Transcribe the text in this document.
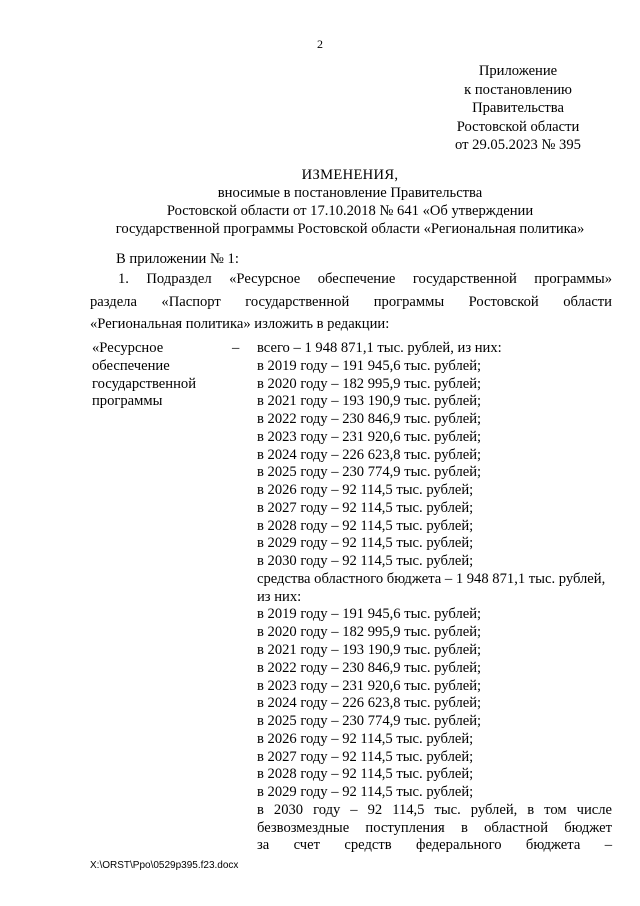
2
Приложение
к постановлению
Правительства
Ростовской области
от 29.05.2023 № 395
ИЗМЕНЕНИЯ,
вносимые в постановление Правительства
Ростовской области от 17.10.2018 № 641 «Об утверждении
государственной программы Ростовской области «Региональная политика»

В приложении № 1:

1. Подраздел «Ресурсное обеспечение государственной программы»
раздела «Паспорт государственной программы Ростовской области
«Региональная политика» изложить в редакции:
«Ресурсное
обеспечение
государственной
программы
– всего – 1 948 871,1 тыс. рублей, из них:
в 2019 году – 191 945,6 тыс. рублей;
в 2020 году – 182 995,9 тыс. рублей;
в 2021 году – 193 190,9 тыс. рублей;
в 2022 году – 230 846,9 тыс. рублей;
в 2023 году – 231 920,6 тыс. рублей;
в 2024 году – 226 623,8 тыс. рублей;
в 2025 году – 230 774,9 тыс. рублей;
в 2026 году – 92 114,5 тыс. рублей;
в 2027 году – 92 114,5 тыс. рублей;
в 2028 году – 92 114,5 тыс. рублей;
в 2029 году – 92 114,5 тыс. рублей;
в 2030 году – 92 114,5 тыс. рублей;
средства областного бюджета – 1 948 871,1 тыс. рублей,
из них:
в 2019 году – 191 945,6 тыс. рублей;
в 2020 году – 182 995,9 тыс. рублей;
в 2021 году – 193 190,9 тыс. рублей;
в 2022 году – 230 846,9 тыс. рублей;
в 2023 году – 231 920,6 тыс. рублей;
в 2024 году – 226 623,8 тыс. рублей;
в 2025 году – 230 774,9 тыс. рублей;
в 2026 году – 92 114,5 тыс. рублей;
в 2027 году – 92 114,5 тыс. рублей;
в 2028 году – 92 114,5 тыс. рублей;
в 2029 году – 92 114,5 тыс. рублей;
в 2030 году – 92 114,5 тыс. рублей, в том числе
безвозмездные поступления в областной бюджет
за счет средств федерального бюджета –
X:\ORST\Ppo\0529p395.f23.docx
